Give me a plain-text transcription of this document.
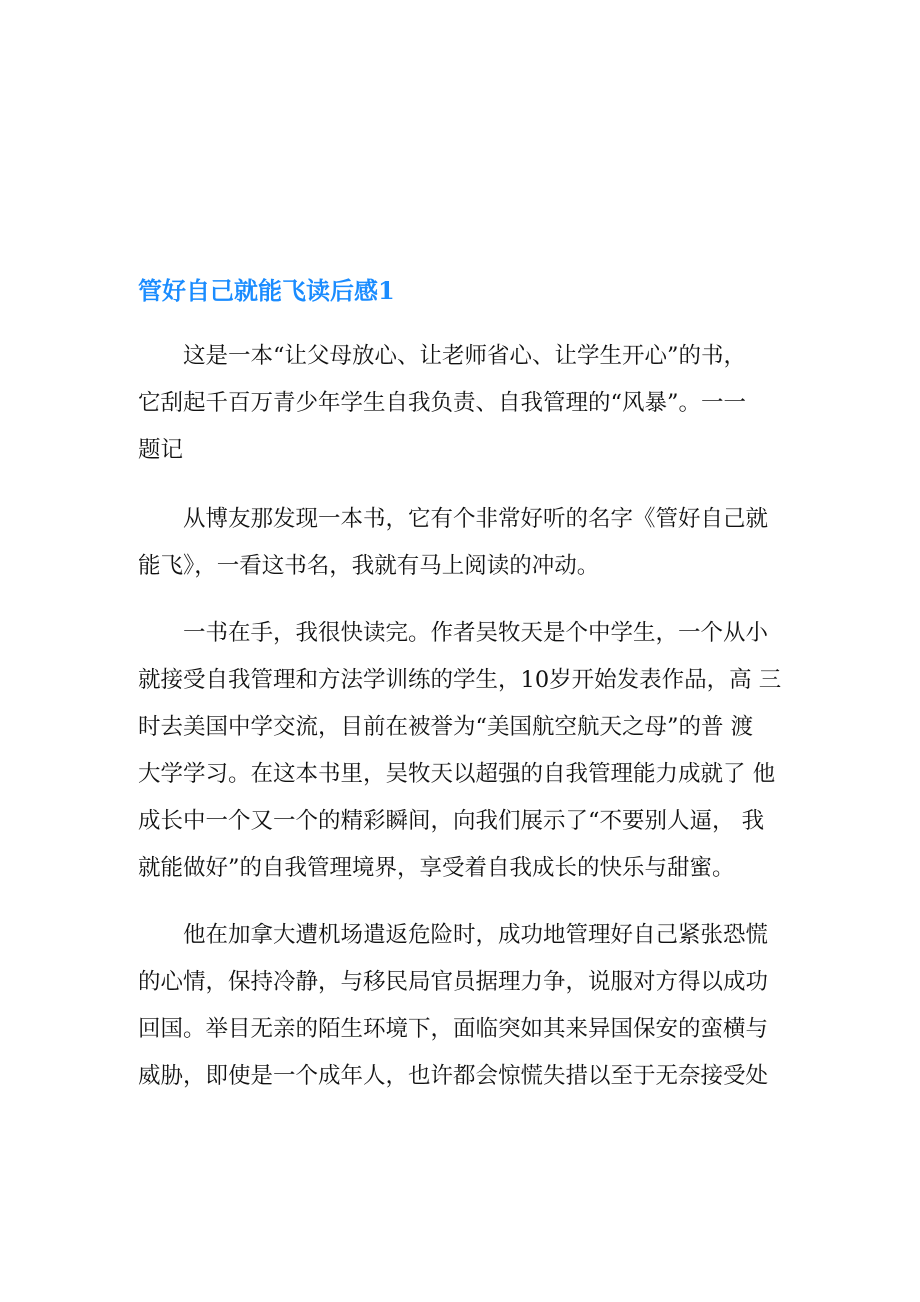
管好自己就能飞读后感1

　　这是一本“让父母放心、让老师省心、让学生开心”的书，

它刮起千百万青少年学生自我负责、自我管理的“风暴”。一一

题记

　　从博友那发现一本书，它有个非常好听的名字《管好自己就

能飞》，一看这书名，我就有马上阅读的冲动。

　　一书在手，我很快读完。作者吴牧天是个中学生，一个从小

就接受自我管理和方法学训练的学生，10岁开始发表作品，高 三

时去美国中学交流，目前在被誉为“美国航空航天之母”的普 渡

大学学习。在这本书里，吴牧天以超强的自我管理能力成就了 他

成长中一个又一个的精彩瞬间，向我们展示了“不要别人逼， 我

就能做好”的自我管理境界，享受着自我成长的快乐与甜蜜。

　　他在加拿大遭机场遣返危险时，成功地管理好自己紧张恐慌

的心情，保持冷静，与移民局官员据理力争，说服对方得以成功

回国。举目无亲的陌生环境下，面临突如其来异国保安的蛮横与

威胁，即使是一个成年人，也许都会惊慌失措以至于无奈接受处
